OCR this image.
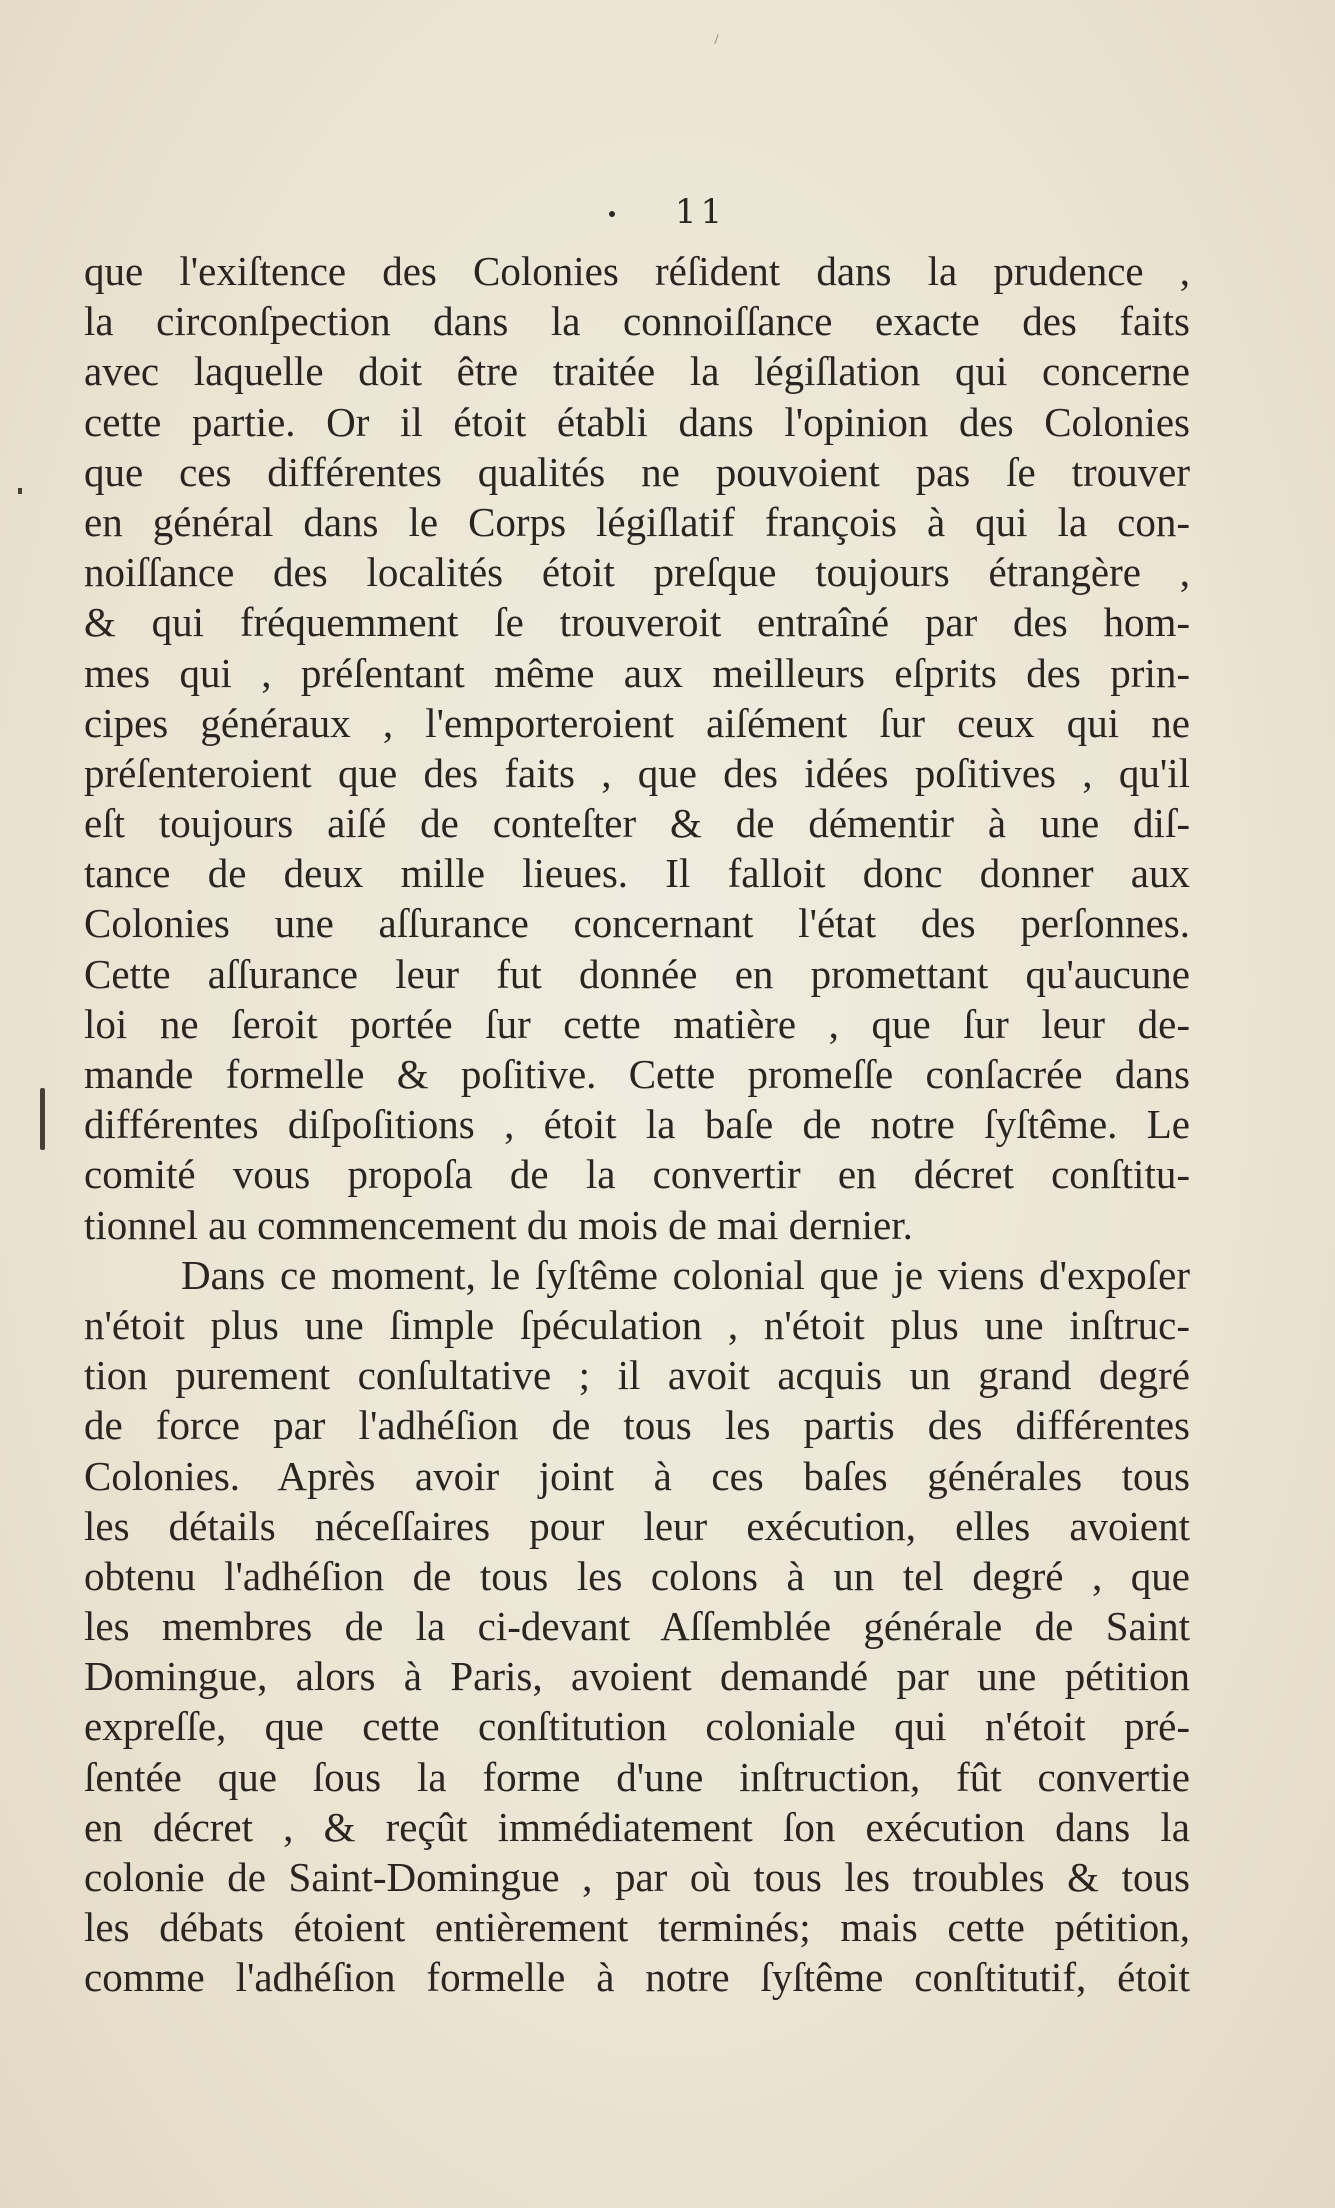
11
que l'exiſtence des Colonies réſident dans la prudence ,
la circonſpection dans la connoiſſance exacte des faits
avec laquelle doit être traitée la légiſlation qui concerne
cette partie. Or il étoit établi dans l'opinion des Colonies
que ces différentes qualités ne pouvoient pas ſe trouver
en général dans le Corps légiſlatif françois à qui la con-
noiſſance des localités étoit preſque toujours étrangère ,
& qui fréquemment ſe trouveroit entraîné par des hom-
mes qui , préſentant même aux meilleurs eſprits des prin-
cipes généraux , l'emporteroient aiſément ſur ceux qui ne
préſenteroient que des faits , que des idées poſitives , qu'il
eſt toujours aiſé de conteſter & de démentir à une diſ-
tance de deux mille lieues. Il falloit donc donner aux
Colonies une aſſurance concernant l'état des perſonnes.
Cette aſſurance leur fut donnée en promettant qu'aucune
loi ne ſeroit portée ſur cette matière , que ſur leur de-
mande formelle & poſitive. Cette promeſſe conſacrée dans
différentes diſpoſitions , étoit la baſe de notre ſyſtême. Le
comité vous propoſa de la convertir en décret conſtitu-
tionnel au commencement du mois de mai dernier.
Dans ce moment, le ſyſtême colonial que je viens d'expoſer
n'étoit plus une ſimple ſpéculation , n'étoit plus une inſtruc-
tion purement conſultative ; il avoit acquis un grand degré
de force par l'adhéſion de tous les partis des différentes
Colonies. Après avoir joint à ces baſes générales tous
les détails néceſſaires pour leur exécution, elles avoient
obtenu l'adhéſion de tous les colons à un tel degré , que
les membres de la ci-devant Aſſemblée générale de Saint
Domingue, alors à Paris, avoient demandé par une pétition
expreſſe, que cette conſtitution coloniale qui n'étoit pré-
ſentée que ſous la forme d'une inſtruction, fût convertie
en décret , & reçût immédiatement ſon exécution dans la
colonie de Saint-Domingue , par où tous les troubles & tous
les débats étoient entièrement terminés; mais cette pétition,
comme l'adhéſion formelle à notre ſyſtême conſtitutif, étoit
